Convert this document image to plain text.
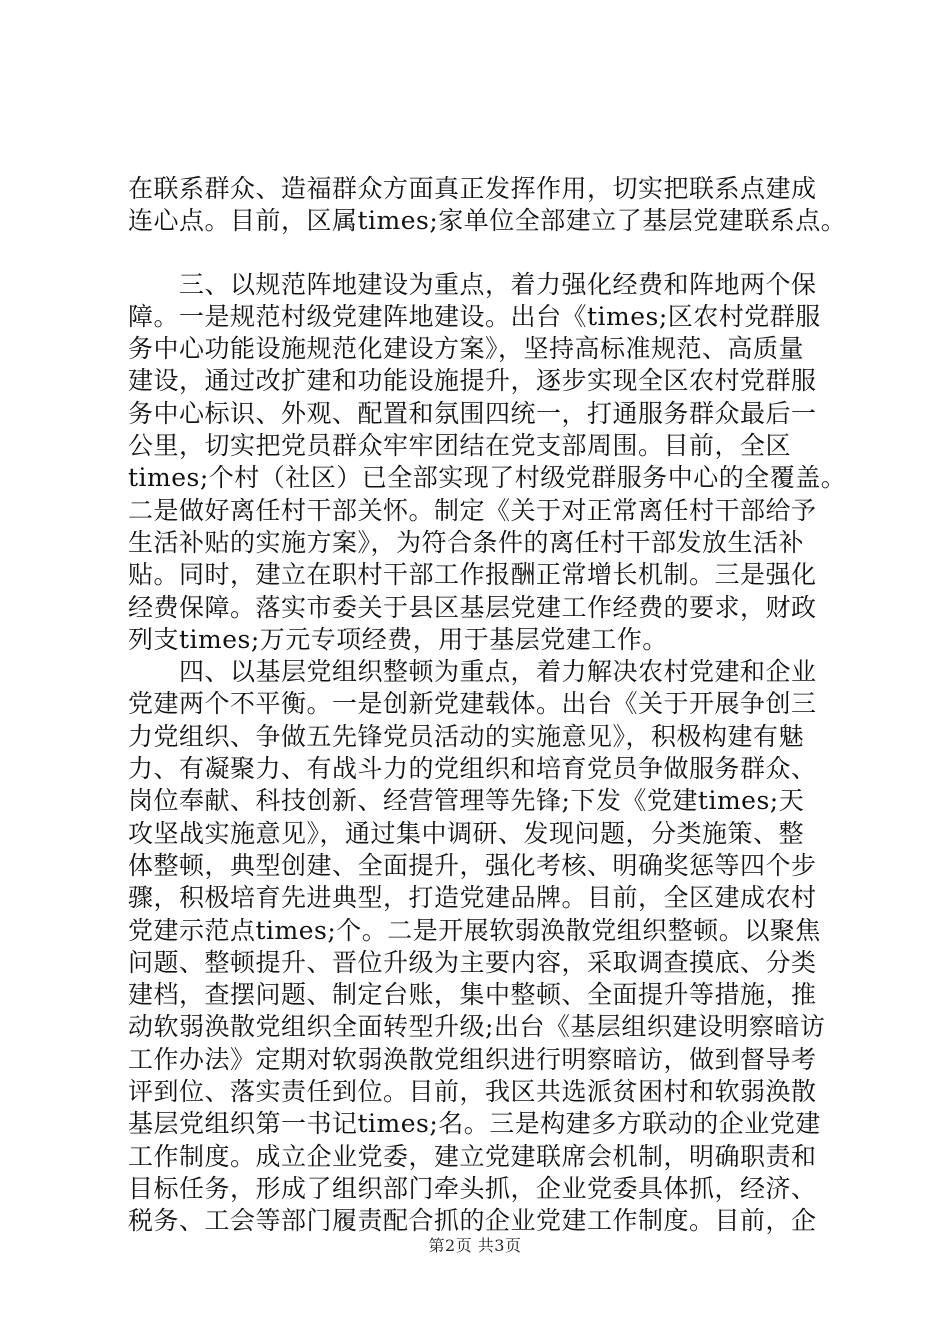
在联系群众、造福群众方面真正发挥作用，切实把联系点建成
连心点。目前，区属times;家单位全部建立了基层党建联系点。
　　三、以规范阵地建设为重点，着力强化经费和阵地两个保
障。一是规范村级党建阵地建设。出台《times;区农村党群服
务中心功能设施规范化建设方案》，坚持高标准规范、高质量
建设，通过改扩建和功能设施提升，逐步实现全区农村党群服
务中心标识、外观、配置和氛围四统一，打通服务群众最后一
公里，切实把党员群众牢牢团结在党支部周围。目前，全区
times;个村（社区）已全部实现了村级党群服务中心的全覆盖。
二是做好离任村干部关怀。制定《关于对正常离任村干部给予
生活补贴的实施方案》，为符合条件的离任村干部发放生活补
贴。同时，建立在职村干部工作报酬正常增长机制。三是强化
经费保障。落实市委关于县区基层党建工作经费的要求，财政
列支times;万元专项经费，用于基层党建工作。
　　四、以基层党组织整顿为重点，着力解决农村党建和企业
党建两个不平衡。一是创新党建载体。出台《关于开展争创三
力党组织、争做五先锋党员活动的实施意见》，积极构建有魅
力、有凝聚力、有战斗力的党组织和培育党员争做服务群众、
岗位奉献、科技创新、经营管理等先锋;下发《党建times;天
攻坚战实施意见》，通过集中调研、发现问题，分类施策、整
体整顿，典型创建、全面提升，强化考核、明确奖惩等四个步
骤，积极培育先进典型，打造党建品牌。目前，全区建成农村
党建示范点times;个。二是开展软弱涣散党组织整顿。以聚焦
问题、整顿提升、晋位升级为主要内容，采取调查摸底、分类
建档，查摆问题、制定台账，集中整顿、全面提升等措施，推
动软弱涣散党组织全面转型升级;出台《基层组织建设明察暗访
工作办法》定期对软弱涣散党组织进行明察暗访，做到督导考
评到位、落实责任到位。目前，我区共选派贫困村和软弱涣散
基层党组织第一书记times;名。三是构建多方联动的企业党建
工作制度。成立企业党委，建立党建联席会机制，明确职责和
目标任务，形成了组织部门牵头抓，企业党委具体抓，经济、
税务、工会等部门履责配合抓的企业党建工作制度。目前，企
第2页 共3页
